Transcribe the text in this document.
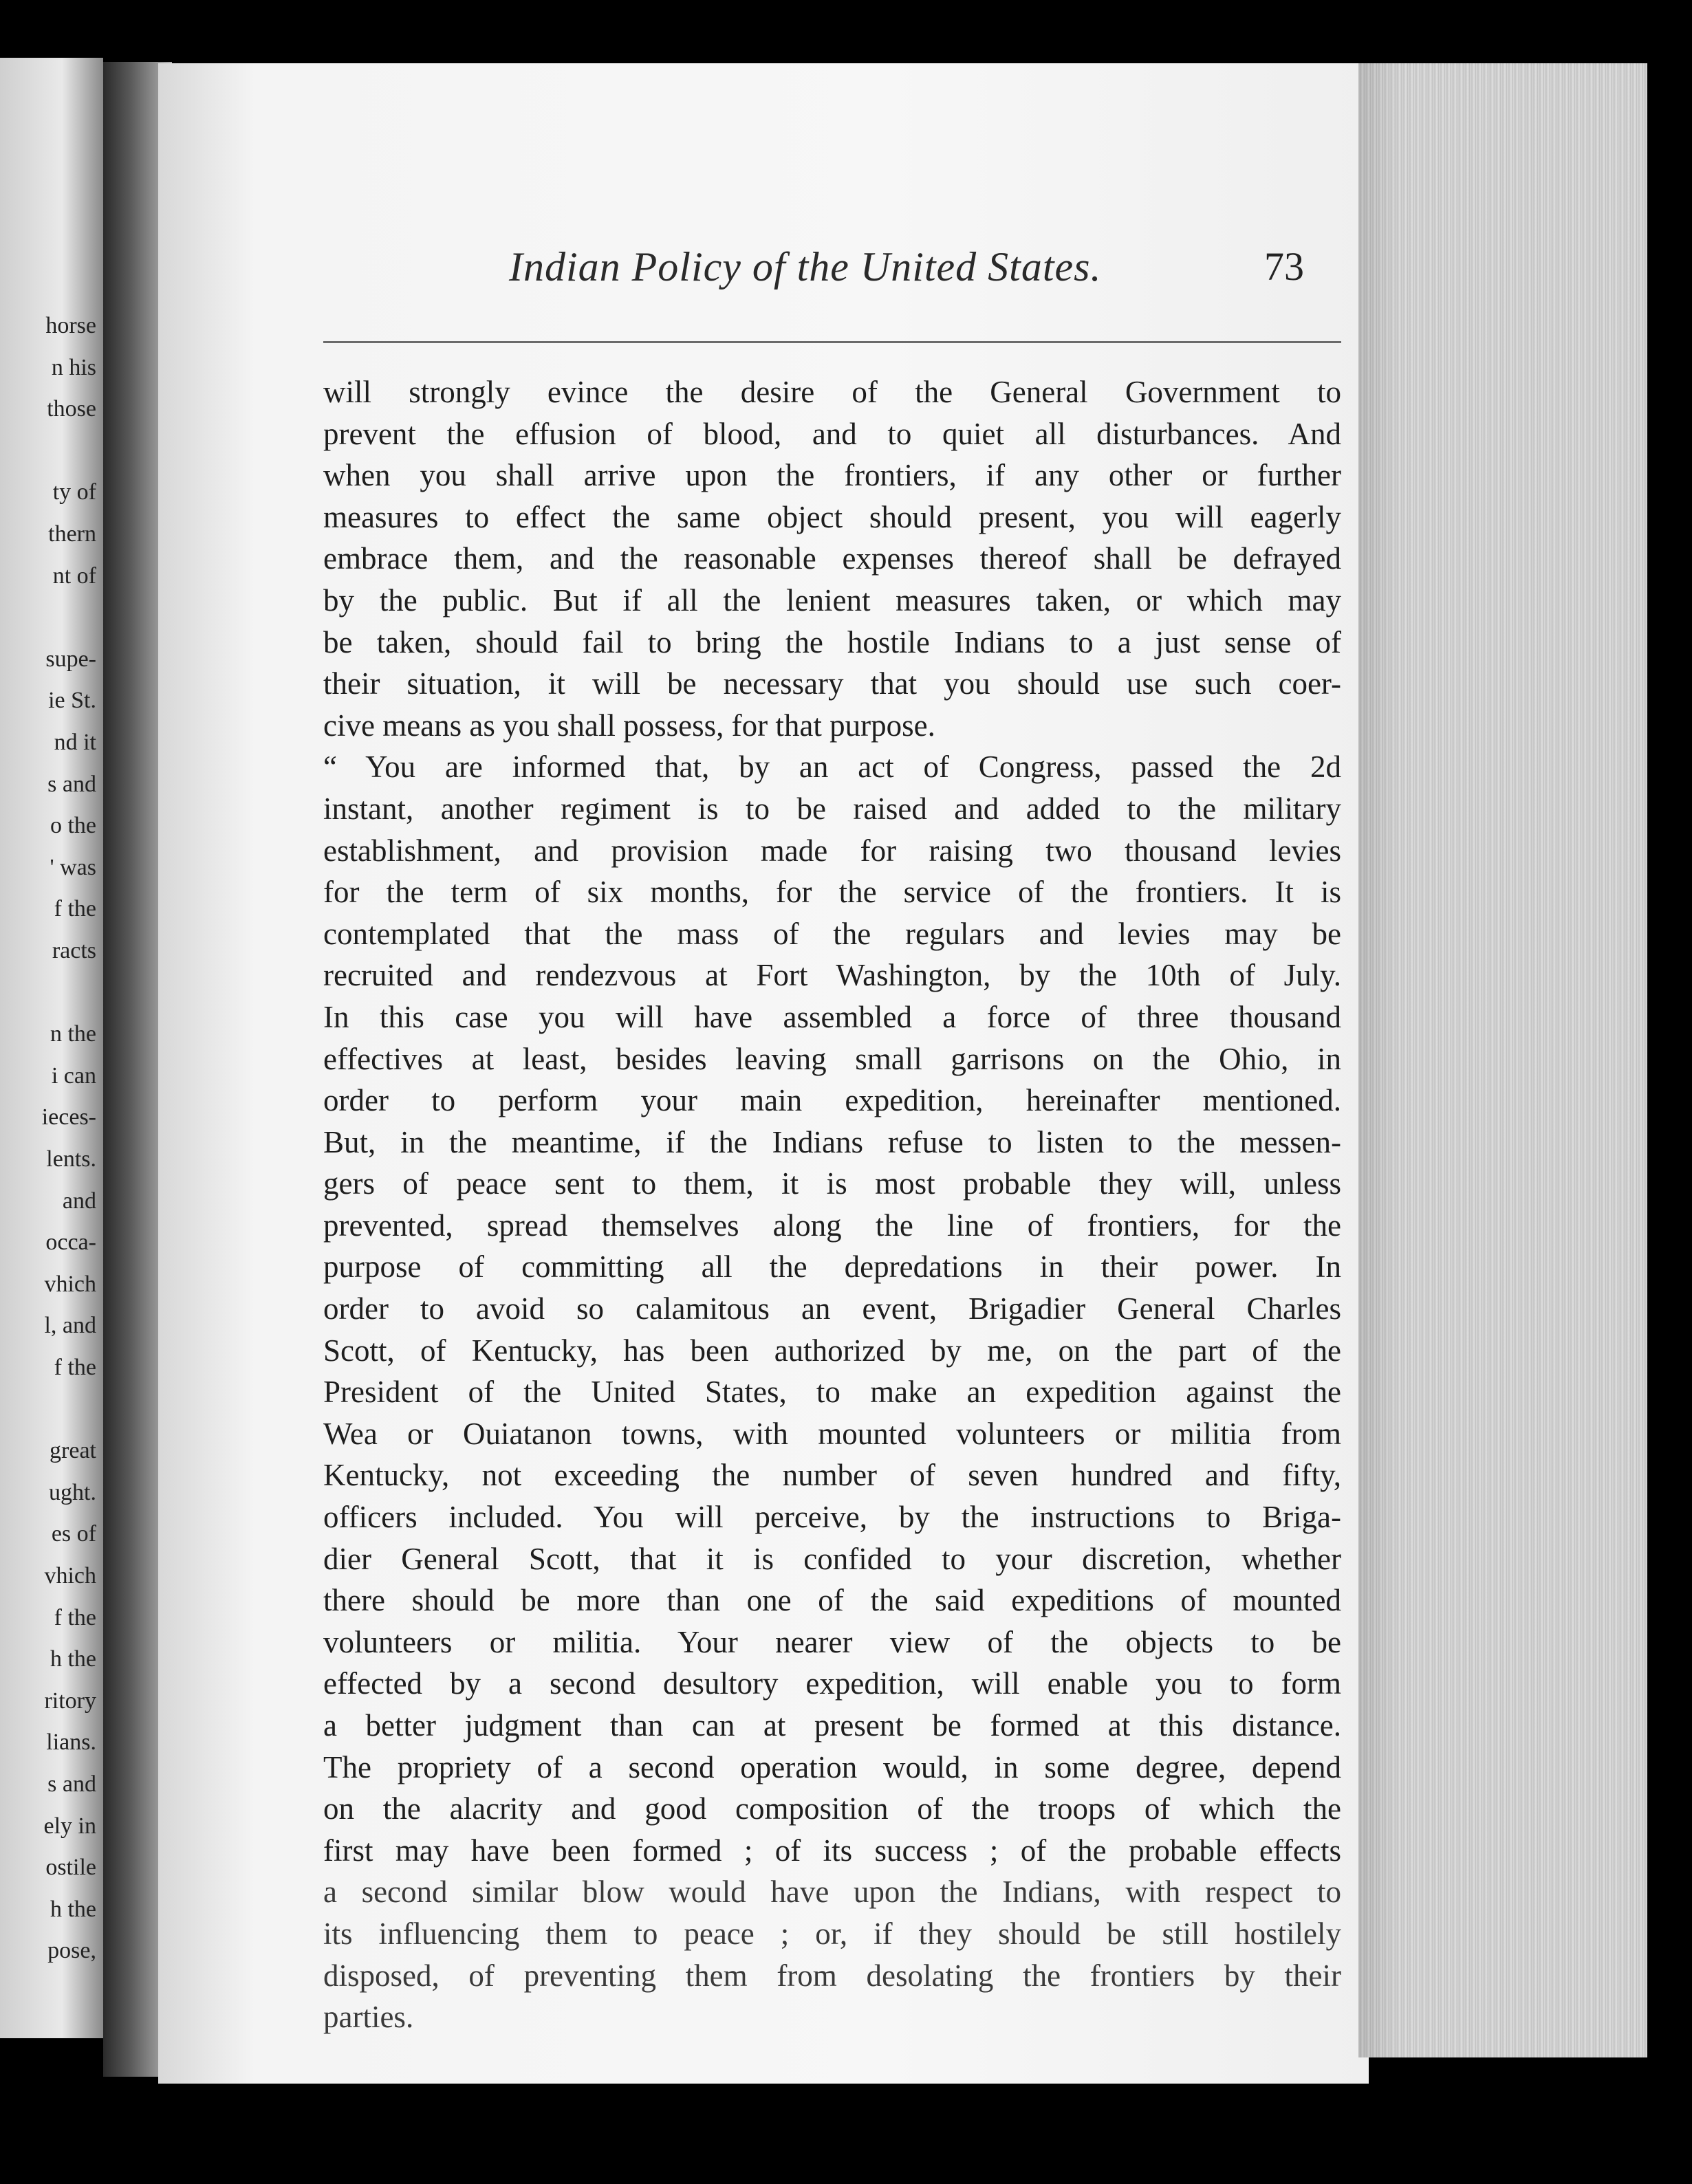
horse
n his
those
ty of
thern
nt of
supe-
ie St.
nd it
s and
o the
' was
f the
racts
n the
i can
ieces-
lents.
and
occa-
vhich
l, and
f the
great
ught.
es of
vhich
f the
h the
ritory
lians.
s and
ely in
ostile
h the
pose,
Indian Policy of the United States.	73
will strongly evince the desire of the General Government to
prevent the effusion of blood, and to quiet all disturbances. And
when you shall arrive upon the frontiers, if any other or further
measures to effect the same object should present, you will eagerly
embrace them, and the reasonable expenses thereof shall be defrayed
by the public. But if all the lenient measures taken, or which may
be taken, should fail to bring the hostile Indians to a just sense of
their situation, it will be necessary that you should use such coer-
cive means as you shall possess, for that purpose.
“ You are informed that, by an act of Congress, passed the 2d
instant, another regiment is to be raised and added to the military
establishment, and provision made for raising two thousand levies
for the term of six months, for the service of the frontiers. It is
contemplated that the mass of the regulars and levies may be
recruited and rendezvous at Fort Washington, by the 10th of July.
In this case you will have assembled a force of three thousand
effectives at least, besides leaving small garrisons on the Ohio, in
order to perform your main expedition, hereinafter mentioned.
But, in the meantime, if the Indians refuse to listen to the messen-
gers of peace sent to them, it is most probable they will, unless
prevented, spread themselves along the line of frontiers, for the
purpose of committing all the depredations in their power. In
order to avoid so calamitous an event, Brigadier General Charles
Scott, of Kentucky, has been authorized by me, on the part of the
President of the United States, to make an expedition against the
Wea or Ouiatanon towns, with mounted volunteers or militia from
Kentucky, not exceeding the number of seven hundred and fifty,
officers included. You will perceive, by the instructions to Briga-
dier General Scott, that it is confided to your discretion, whether
there should be more than one of the said expeditions of mounted
volunteers or militia. Your nearer view of the objects to be
effected by a second desultory expedition, will enable you to form
a better judgment than can at present be formed at this distance.
The propriety of a second operation would, in some degree, depend
on the alacrity and good composition of the troops of which the
first may have been formed ; of its success ; of the probable effects
a second similar blow would have upon the Indians, with respect to
its influencing them to peace ; or, if they should be still hostilely
disposed, of preventing them from desolating the frontiers by their
parties.
